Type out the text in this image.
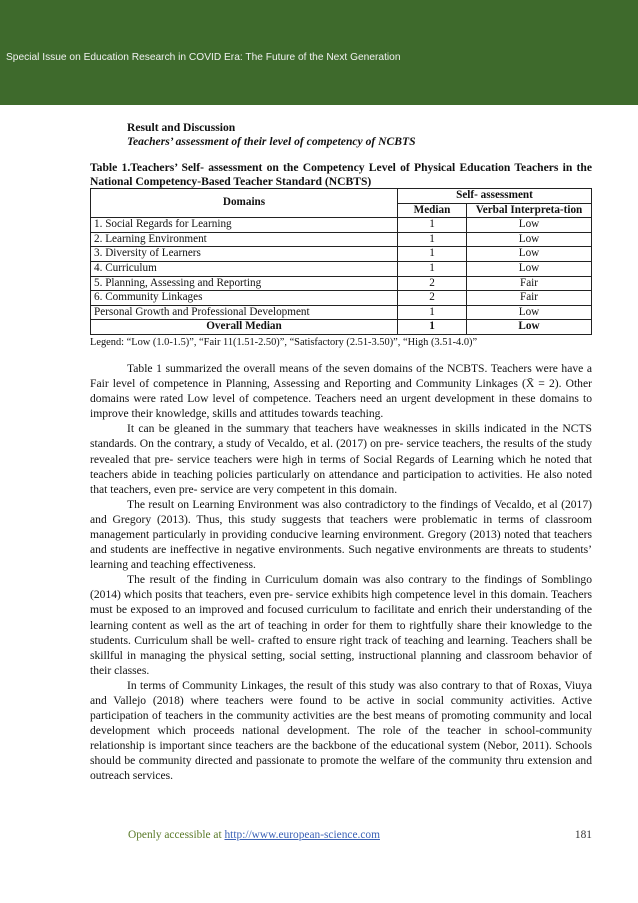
Special Issue on Education Research in COVID Era: The Future of the Next Generation
Result and Discussion
Teachers’ assessment of their level of competency of NCBTS
Table 1.Teachers’ Self- assessment on the Competency Level of Physical Education Teachers in the National Competency-Based Teacher Standard (NCBTS)
Domains	Self- assessment	
	Median	Verbal Interpreta-tion
1. Social Regards for Learning	1	Low
2. Learning Environment	1	Low
3. Diversity of Learners	1	Low
4. Curriculum	1	Low
5. Planning, Assessing and Reporting	2	Fair
6. Community Linkages	2	Fair
Personal Growth and Professional Development	1	Low
Overall Median	1	Low
Legend: “Low (1.0-1.5)”, “Fair 11(1.51-2.50)”, “Satisfactory (2.51-3.50)”, “High (3.51-4.0)”

Table 1 summarized the overall means of the seven domains of the NCBTS. Teachers were have a Fair level of competence in Planning, Assessing and Reporting and Community Linkages (X̄ = 2). Other domains were rated Low level of competence. Teachers need an urgent development in these domains to improve their knowledge, skills and attitudes towards teaching.

It can be gleaned in the summary that teachers have weaknesses in skills indicated in the NCTS standards. On the contrary, a study of Vecaldo, et al. (2017) on pre- service teachers, the results of the study revealed that pre- service teachers were high in terms of Social Regards of Learning which he noted that teachers abide in teaching policies particularly on attendance and participation to activities. He also noted that teachers, even pre- service are very competent in this domain.

The result on Learning Environment was also contradictory to the findings of Vecaldo, et al (2017) and Gregory (2013). Thus, this study suggests that teachers were problematic in terms of classroom management particularly in providing conducive learning environment. Gregory (2013) noted that teachers and students are ineffective in negative environments. Such negative environments are threats to students’ learning and teaching effectiveness.

The result of the finding in Curriculum domain was also contrary to the findings of Somblingo (2014) which posits that teachers, even pre- service exhibits high competence level in this domain. Teachers must be exposed to an improved and focused curriculum to facilitate and enrich their understanding of the learning content as well as the art of teaching in order for them to rightfully share their knowledge to the students. Curriculum shall be well- crafted to ensure right track of teaching and learning. Teachers shall be skillful in managing the physical setting, social setting, instructional planning and classroom behavior of their classes.

In terms of Community Linkages, the result of this study was also contrary to that of Roxas, Viuya and Vallejo (2018) where teachers were found to be active in social community activities. Active participation of teachers in the community activities are the best means of promoting community and local development which proceeds national development. The role of the teacher in school-community relationship is important since teachers are the backbone of the educational system (Nebor, 2011). Schools should be community directed and passionate to promote the welfare of the community thru extension and outreach services.

Openly accessible at http://www.european-science.com	181
